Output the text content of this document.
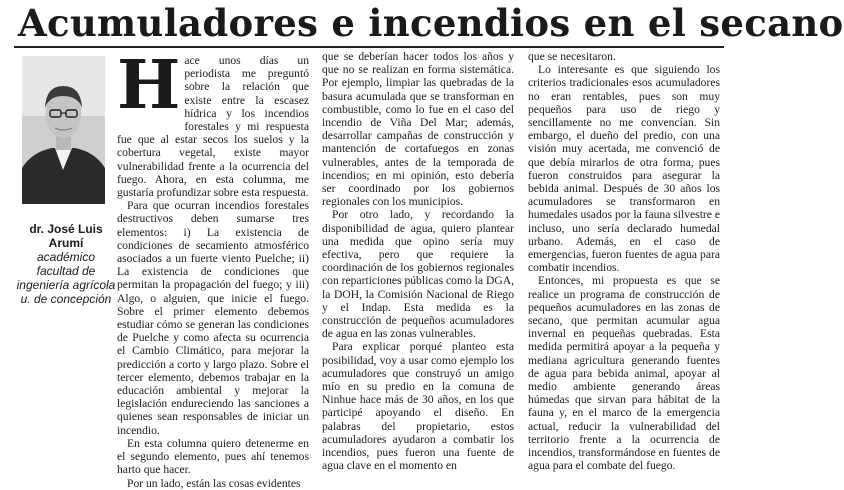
Acumuladores e incendios en el secano
dr. José Luis Arumí
académico facultad de ingeniería agrícola u. de concepción
H ace unos días un periodista me preguntó sobre la relación que existe entre la escasez hídrica y los incendios forestales y mi respuesta fue que al estar secos los suelos y la cobertura vegetal, existe mayor vulnerabilidad frente a la ocurrencia del fuego. Ahora, en esta columna, me gustaría profundizar sobre esta respuesta.

Para que ocurran incendios forestales destructivos deben sumarse tres elementos: i) La existencia de condiciones de secamiento atmosférico asociados a un fuerte viento Puelche; ii) La existencia de condiciones que permitan la propagación del fuego; y iii) Algo, o alguien, que inicie el fuego. Sobre el primer elemento debemos estudiar cómo se generan las condiciones de Puelche y como afecta su ocurrencia el Cambio Climático, para mejorar la predicción a corto y largo plazo. Sobre el tercer elemento, debemos trabajar en la educación ambiental y mejorar la legislación endureciendo las sanciones a quienes sean responsables de iniciar un incendio.

En esta columna quiero detenerme en el segundo elemento, pues ahí tenemos harto que hacer.

Por un lado, están las cosas evidentes

que se deberían hacer todos los años y que no se realizan en forma sistemática. Por ejemplo, limpiar las quebradas de la basura acumulada que se transforman en combustible, como lo fue en el caso del incendio de Viña Del Mar; además, desarrollar campañas de construcción y mantención de cortafuegos en zonas vulnerables, antes de la temporada de incendios; en mi opinión, esto debería ser coordinado por los gobiernos regionales con los municipios.

Por otro lado, y recordando la disponibilidad de agua, quiero plantear una medida que opino sería muy efectiva, pero que requiere la coordinación de los gobiernos regionales con reparticiones públicas como la DGA, la DOH, la Comisión Nacional de Riego y el Indap. Esta medida es la construcción de pequeños acumuladores de agua en las zonas vulnerables.

Para explicar porqué planteo esta posibilidad, voy a usar como ejemplo los acumuladores que construyó un amigo mío en su predio en la comuna de Ninhue hace más de 30 años, en los que participé apoyando el diseño. En palabras del propietario, estos acumuladores ayudaron a combatir los incendios, pues fueron una fuente de agua clave en el momento en

que se necesitaron.

Lo interesante es que siguiendo los criterios tradicionales esos acumuladores no eran rentables, pues son muy pequeños para uso de riego y sencillamente no me convencían. Sin embargo, el dueño del predio, con una visión muy acertada, me convenció de que debía mirarlos de otra forma, pues fueron construidos para asegurar la bebida animal. Después de 30 años los acumuladores se transformaron en humedales usados por la fauna silvestre e incluso, uno sería declarado humedal urbano. Además, en el caso de emergencias, fueron fuentes de agua para combatir incendios.

Entonces, mi propuesta es que se realice un programa de construcción de pequeños acumuladores en las zonas de secano, que permitan acumular agua invernal en pequeñas quebradas. Esta medida permitirá apoyar a la pequeña y mediana agricultura generando fuentes de agua para bebida animal, apoyar al medio ambiente generando áreas húmedas que sirvan para hábitat de la fauna y, en el marco de la emergencia actual, reducir la vulnerabilidad del territorio frente a la ocurrencia de incendios, transformándose en fuentes de agua para el combate del fuego.
